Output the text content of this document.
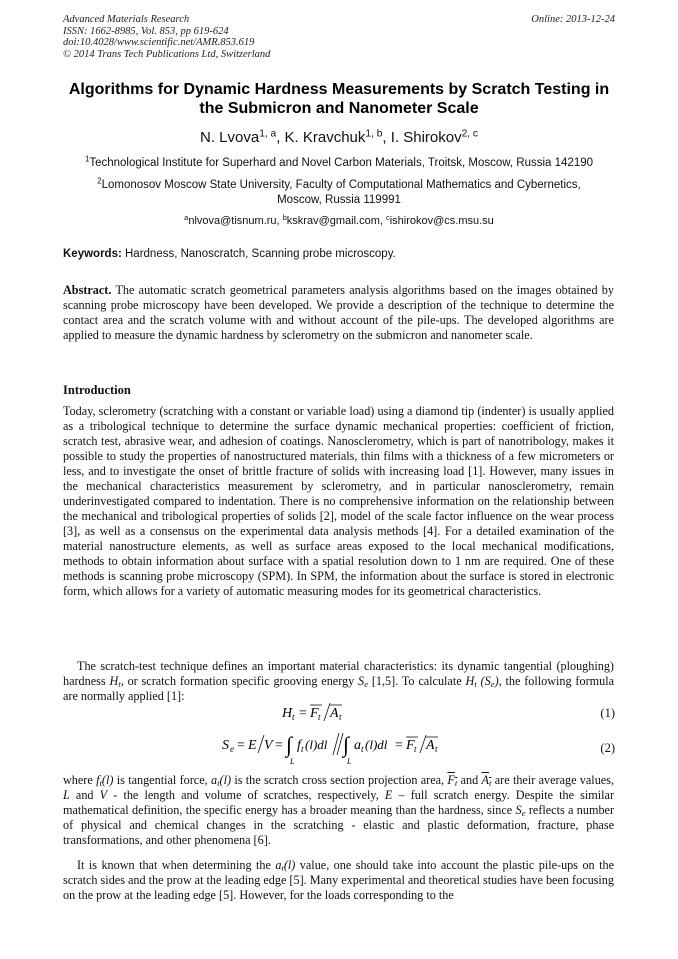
Advanced Materials Research
ISSN: 1662-8985, Vol. 853, pp 619-624
doi:10.4028/www.scientific.net/AMR.853.619
© 2014 Trans Tech Publications Ltd, Switzerland
Online: 2013-12-24
Algorithms for Dynamic Hardness Measurements by Scratch Testing in
the Submicron and Nanometer Scale
N. Lvova$^{1, a}$, K. Kravchuk$^{1, b}$, I. Shirokov$^{2, c}$
$^1$Technological Institute for Superhard and Novel Carbon Materials, Troitsk, Moscow, Russia 142190
$^2$Lomonosov Moscow State University, Faculty of Computational Mathematics and Cybernetics,
Moscow, Russia 119991
$^a$nlvova@tisnum.ru, $^b$kskrav@gmail.com, $^c$ishirokov@cs.msu.su
Keywords: Hardness, Nanoscratch, Scanning probe microscopy.
Abstract. The automatic scratch geometrical parameters analysis algorithms based on the images obtained by scanning probe microscopy have been developed. We provide a description of the technique to determine the contact area and the scratch volume with and without account of the pile-ups. The developed algorithms are applied to measure the dynamic hardness by sclerometry on the submicron and nanometer scale.
Introduction
Today, sclerometry (scratching with a constant or variable load) using a diamond tip (indenter) is usually applied as a tribological technique to determine the surface dynamic mechanical properties: coefficient of friction, scratch test, abrasive wear, and adhesion of coatings. Nanosclerometry, which is part of nanotribology, makes it possible to study the properties of nanostructured materials, thin films with a thickness of a few micrometers or less, and to investigate the onset of brittle fracture of solids with increasing load [1]. However, many issues in the mechanical characteristics measurement by sclerometry, and in particular nanosclerometry, remain underinvestigated compared to indentation. There is no comprehensive information on the relationship between the mechanical and tribological properties of solids [2], model of the scale factor influence on the wear process [3], as well as a consensus on the experimental data analysis methods [4]. For a detailed examination of the material nanostructure elements, as well as surface areas exposed to the local mechanical modifications, methods to obtain information about surface with a spatial resolution down to 1 nm are required. One of these methods is scanning probe microscopy (SPM). In SPM, the information about the surface is stored in electronic form, which allows for a variety of automatic measuring modes for its geometrical characteristics.
The scratch-test technique defines an important material characteristics: its dynamic tangential (ploughing) hardness $H_t$, or scratch formation specific grooving energy $S_e$ [1,5]. To calculate $H_t$ $(S_e)$, the following formula are normally applied [1]:
H t = F t A t	(1)
S e = E V = ∫
L
f t (l)dl ∫
L
a t (l)dl = F t A t	(2)
where $f_t(l)$ is tangential force, $a_t(l)$ is the scratch cross section projection area, $F_t$ and $A_t$ are their average values, L and V - the length and volume of scratches, respectively, E – full scratch energy. Despite the similar mathematical definition, the specific energy has a broader meaning than the hardness, since $S_e$ reflects a number of physical and chemical changes in the scratching - elastic and plastic deformation, fracture, phase transformations, and other phenomena [6].
It is known that when determining the $a_t(l)$ value, one should take into account the plastic pile-ups on the scratch sides and the prow at the leading edge [5]. Many experimental and theoretical studies have been focusing on the prow at the leading edge [5]. However, for the loads corresponding to the
